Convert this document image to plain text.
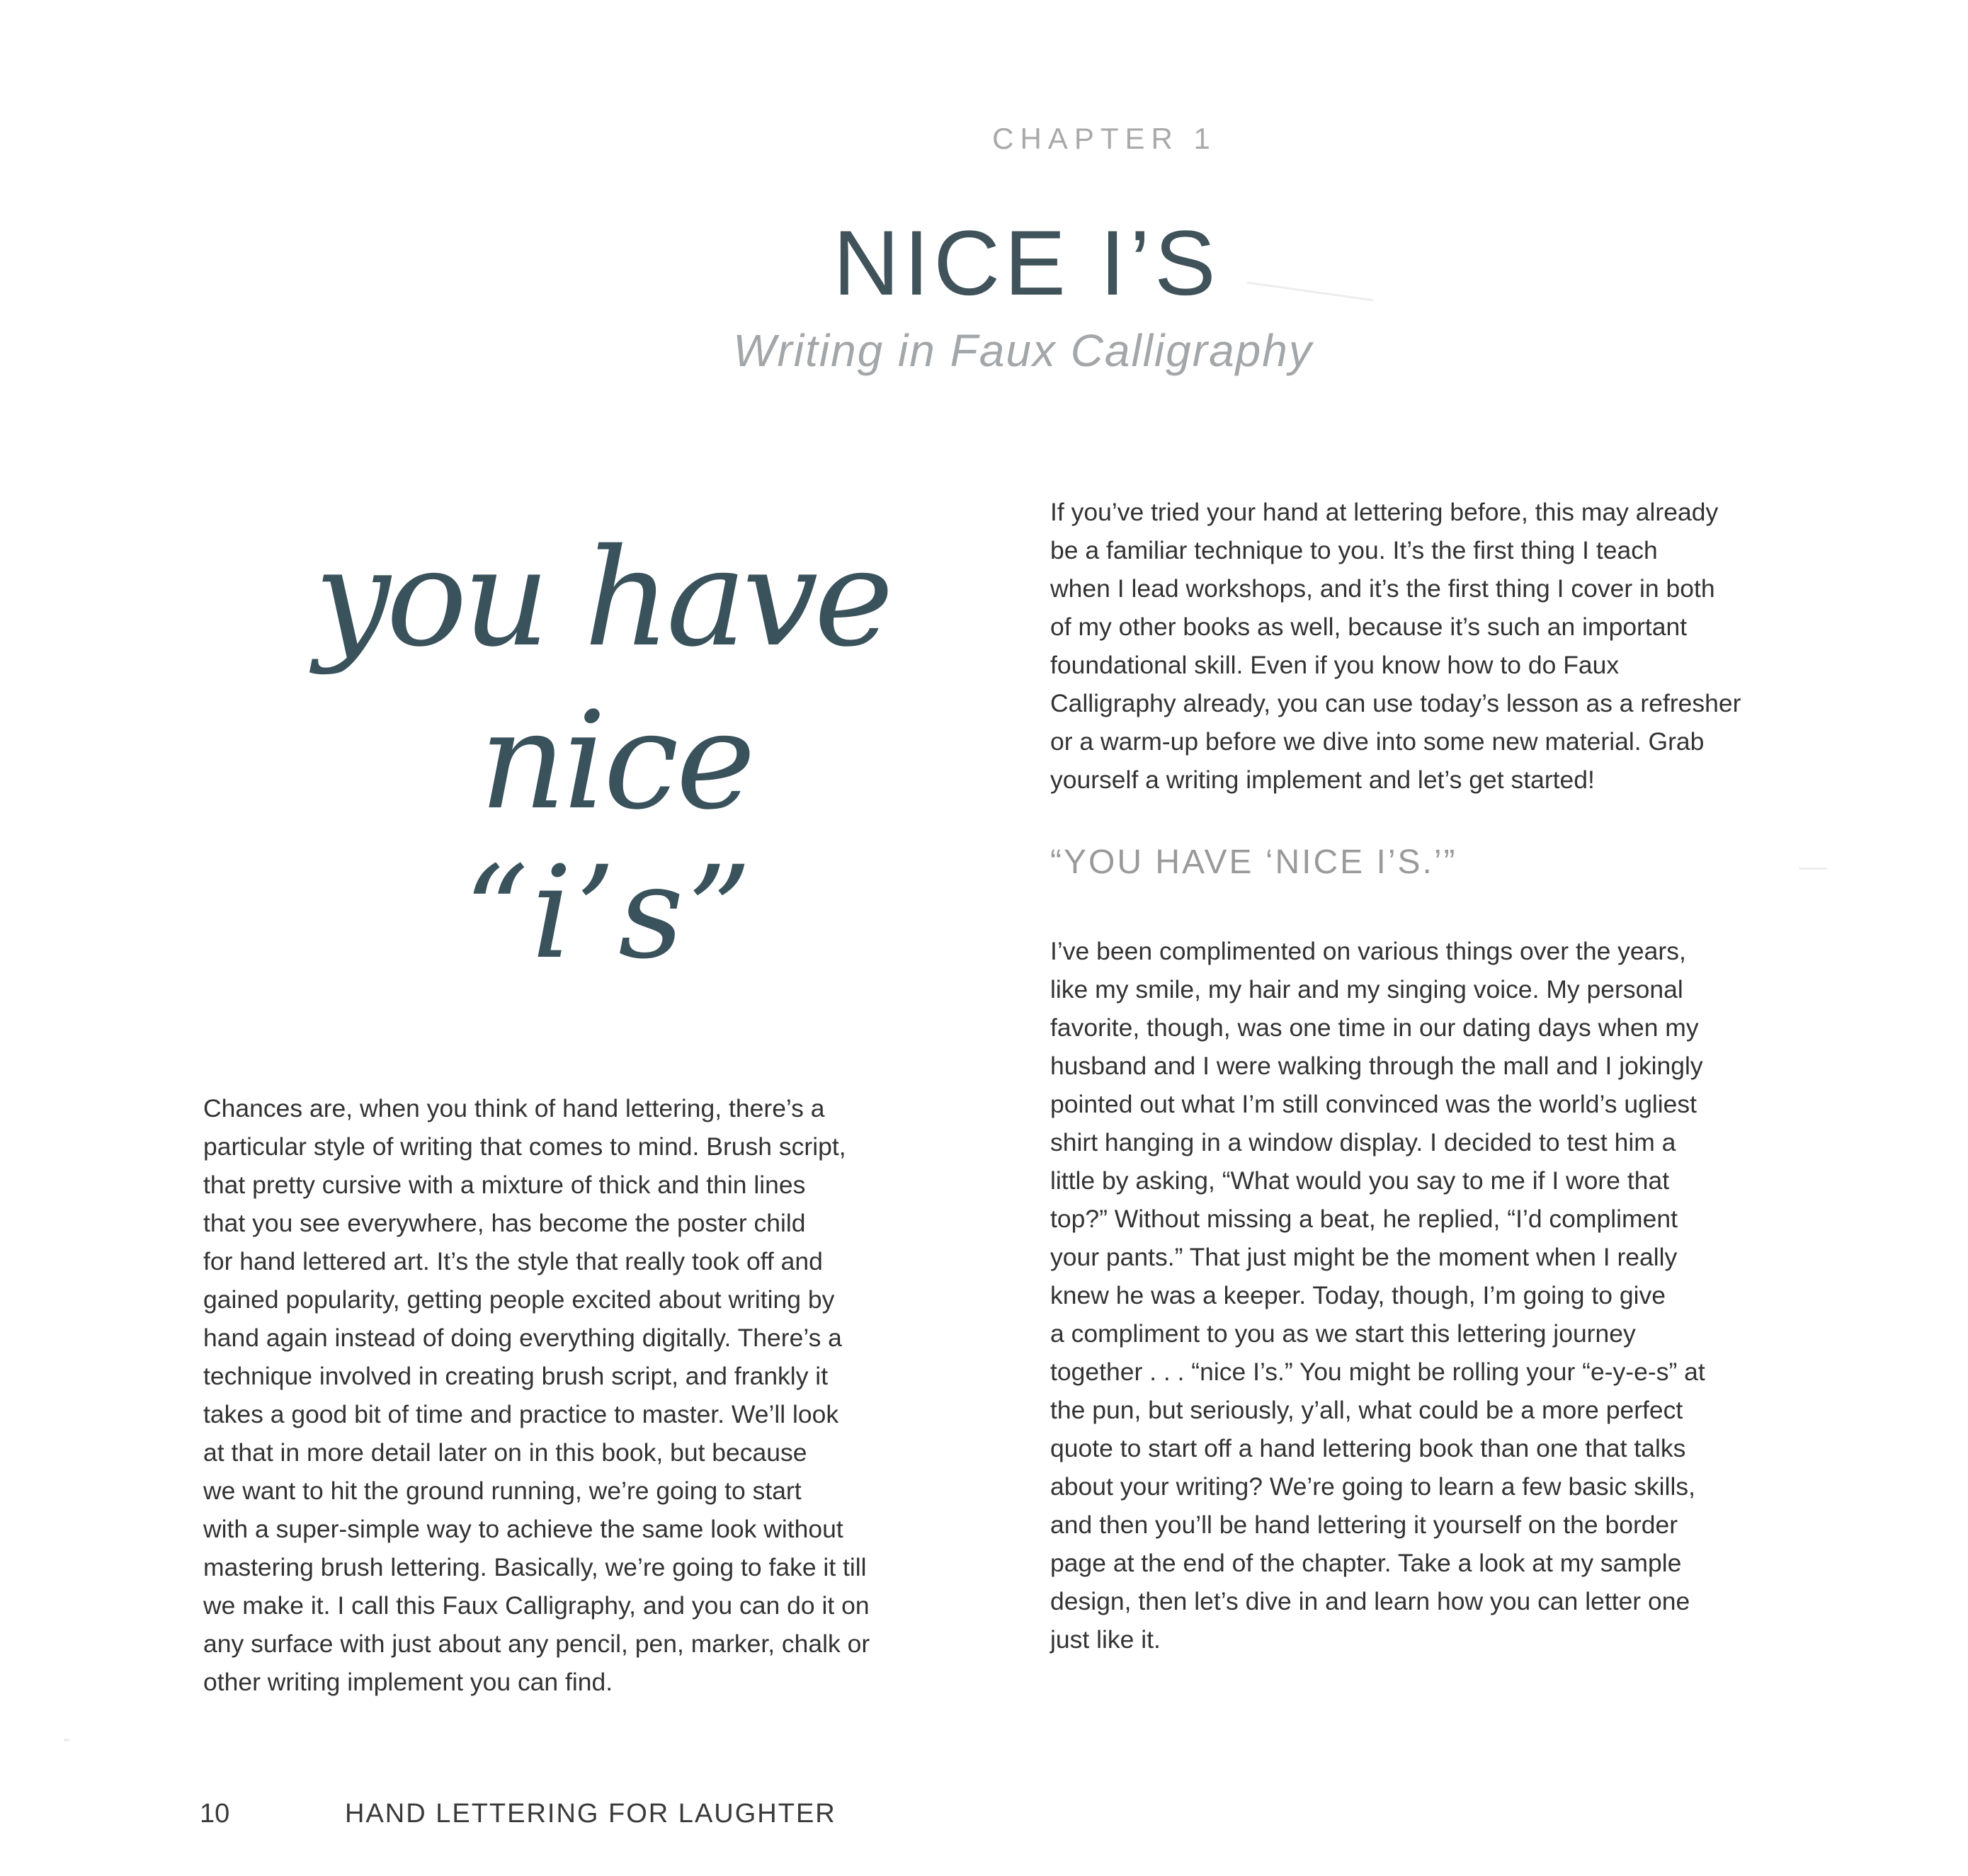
CHAPTER 1
NICE I’S
Writing in Faux Calligraphy
you have
nice
“i’s”

Chances are, when you think of hand lettering, there’s a
particular style of writing that comes to mind. Brush script,
that pretty cursive with a mixture of thick and thin lines
that you see everywhere, has become the poster child
for hand lettered art. It’s the style that really took off and
gained popularity, getting people excited about writing by
hand again instead of doing everything digitally. There’s a
technique involved in creating brush script, and frankly it
takes a good bit of time and practice to master. We’ll look
at that in more detail later on in this book, but because
we want to hit the ground running, we’re going to start
with a super-simple way to achieve the same look without
mastering brush lettering. Basically, we’re going to fake it till
we make it. I call this Faux Calligraphy, and you can do it on
any surface with just about any pencil, pen, marker, chalk or
other writing implement you can find.

If you’ve tried your hand at lettering before, this may already
be a familiar technique to you. It’s the first thing I teach
when I lead workshops, and it’s the first thing I cover in both
of my other books as well, because it’s such an important
foundational skill. Even if you know how to do Faux
Calligraphy already, you can use today’s lesson as a refresher
or a warm-up before we dive into some new material. Grab
yourself a writing implement and let’s get started!

“YOU HAVE ‘NICE I’S.’”

I’ve been complimented on various things over the years,
like my smile, my hair and my singing voice. My personal
favorite, though, was one time in our dating days when my
husband and I were walking through the mall and I jokingly
pointed out what I’m still convinced was the world’s ugliest
shirt hanging in a window display. I decided to test him a
little by asking, “What would you say to me if I wore that
top?” Without missing a beat, he replied, “I’d compliment
your pants.” That just might be the moment when I really
knew he was a keeper. Today, though, I’m going to give
a compliment to you as we start this lettering journey
together . . . “nice I’s.” You might be rolling your “e-y-e-s” at
the pun, but seriously, y’all, what could be a more perfect
quote to start off a hand lettering book than one that talks
about your writing? We’re going to learn a few basic skills,
and then you’ll be hand lettering it yourself on the border
page at the end of the chapter. Take a look at my sample
design, then let’s dive in and learn how you can letter one
just like it.

10	HAND LETTERING FOR LAUGHTER
